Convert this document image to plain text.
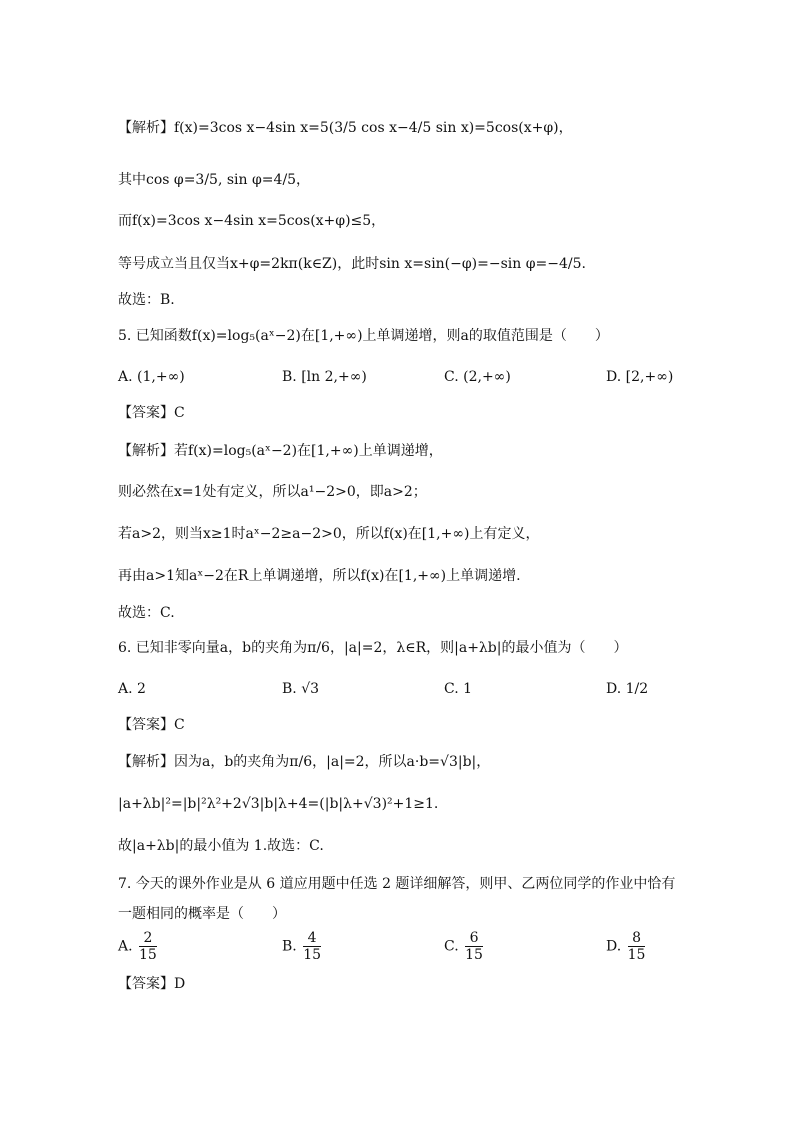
【解析】f(x)=3cos x−4sin x=5(3/5 cos x−4/5 sin x)=5cos(x+φ)，
其中cos φ=3/5, sin φ=4/5，
而f(x)=3cos x−4sin x=5cos(x+φ)≤5，
等号成立当且仅当x+φ=2kπ(k∈Z)，此时sin x=sin(−φ)=−sin φ=−4/5.
故选：B.
5. 已知函数f(x)=log₅(aˣ−2)在[1,+∞)上单调递增，则a的取值范围是（　　）
A. (1,+∞)	B. [ln 2,+∞)	C. (2,+∞)	D. [2,+∞)
【答案】C
【解析】若f(x)=log₅(aˣ−2)在[1,+∞)上单调递增，
则必然在x=1处有定义，所以a¹−2>0，即a>2；
若a>2，则当x≥1时aˣ−2≥a−2>0，所以f(x)在[1,+∞)上有定义，
再由a>1知aˣ−2在R上单调递增，所以f(x)在[1,+∞)上单调递增.
故选：C.
6. 已知非零向量a，b的夹角为π/6，|a|=2，λ∈R，则|a+λb|的最小值为（　　）
A. 2	B. √3	C. 1	D. 1/2
【答案】C
【解析】因为a，b的夹角为π/6，|a|=2，所以a·b=√3|b|，
|a+λb|²=|b|²λ²+2√3|b|λ+4=(|b|λ+√3)²+1≥1.
故|a+λb|的最小值为 1.故选：C.
7. 今天的课外作业是从 6 道应用题中任选 2 题详细解答，则甲、乙两位同学的作业中恰有
一题相同的概率是（　　）
A. $\frac{2}{15}$	B. $\frac{4}{15}$	C. $\frac{6}{15}$	D. $\frac{8}{15}$
【答案】D
